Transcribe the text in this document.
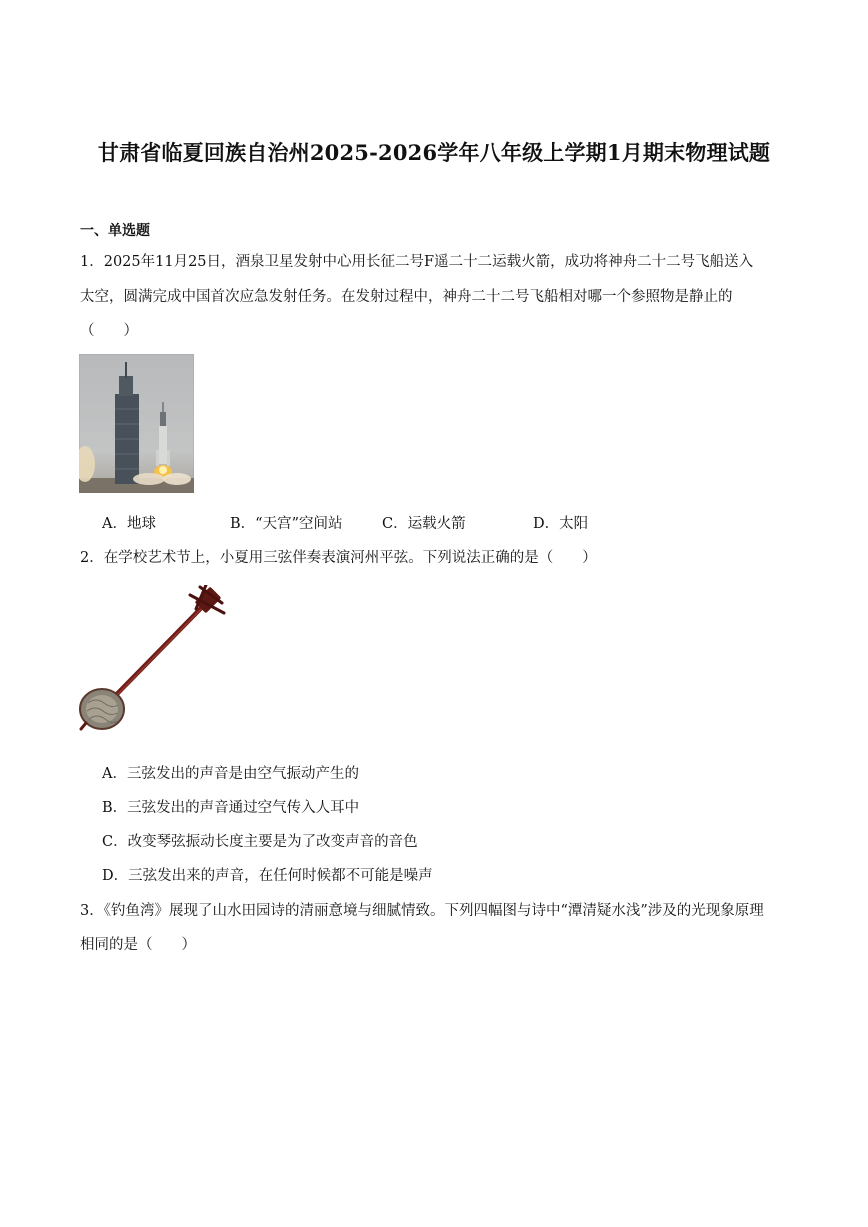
甘肃省临夏回族自治州2025-2026学年八年级上学期1月期末物理试题
一、单选题
1．2025年11月25日，酒泉卫星发射中心用长征二号F遥二十二运载火箭，成功将神舟二十二号飞船送入
太空，圆满完成中国首次应急发射任务。在发射过程中，神舟二十二号飞船相对哪一个参照物是静止的
（　　）
A．地球	B．“天宫”空间站	C．运载火箭	D．太阳
2．在学校艺术节上，小夏用三弦伴奏表演河州平弦。下列说法正确的是（　　）
A．三弦发出的声音是由空气振动产生的
B．三弦发出的声音通过空气传入人耳中
C．改变琴弦振动长度主要是为了改变声音的音色
D．三弦发出来的声音，在任何时候都不可能是噪声
3．《钓鱼湾》展现了山水田园诗的清丽意境与细腻情致。下列四幅图与诗中“潭清疑水浅”涉及的光现象原理
相同的是（　　）
